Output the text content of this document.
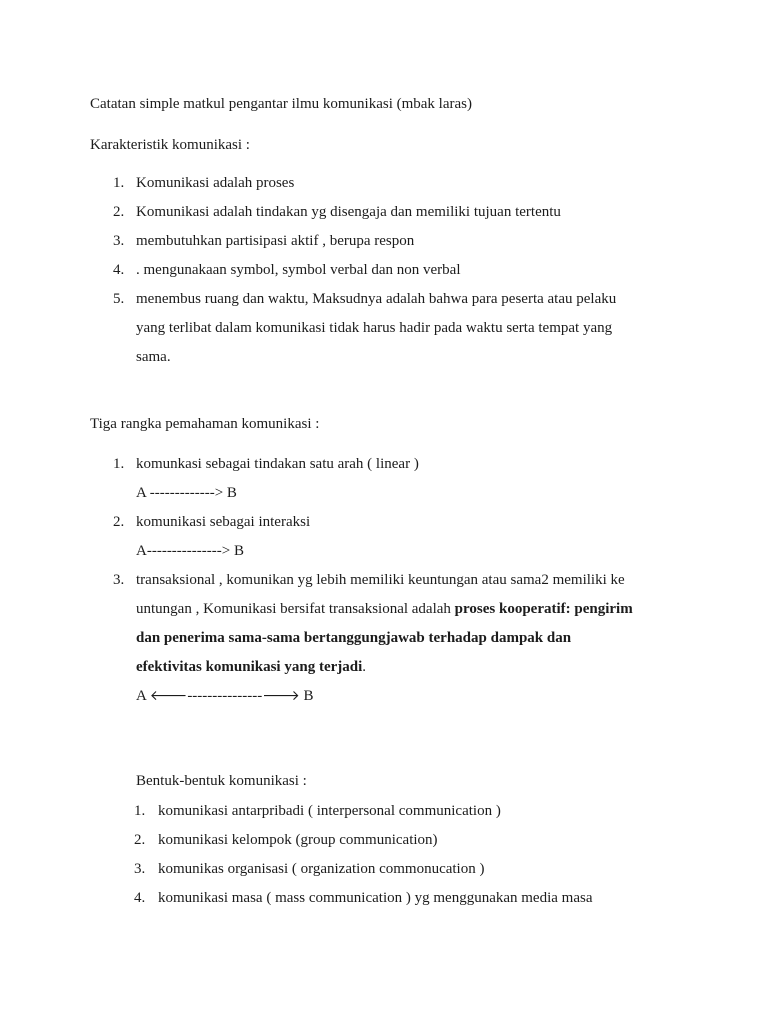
Catatan simple matkul pengantar ilmu komunikasi (mbak laras)
Karakteristik komunikasi :
1. Komunikasi adalah proses
2. Komunikasi adalah tindakan yg disengaja dan memiliki tujuan tertentu
3. membutuhkan partisipasi aktif , berupa respon
4. . mengunakaan symbol, symbol verbal dan non verbal
5. menembus ruang dan waktu, Maksudnya adalah bahwa para peserta atau pelaku
yang terlibat dalam komunikasi tidak harus hadir pada waktu serta tempat yang
sama.
Tiga rangka pemahaman komunikasi :
1. komunkasi sebagai tindakan satu arah ( linear )
A -------------> B
2. komunikasi sebagai interaksi
A---------------> B
3. transaksional , komunikan yg lebih memiliki keuntungan atau sama2 memiliki ke
untungan , Komunikasi bersifat transaksional adalah proses kooperatif: pengirim
dan penerima sama-sama bertanggungjawab terhadap dampak dan
efektivitas komunikasi yang terjadi.
A 🡐---------------🡒 B
Bentuk-bentuk komunikasi :
1. komunikasi antarpribadi ( interpersonal communication )
2. komunikasi kelompok (group communication)
3. komunikas organisasi ( organization commonucation )
4. komunikasi masa ( mass communication ) yg menggunakan media masa
